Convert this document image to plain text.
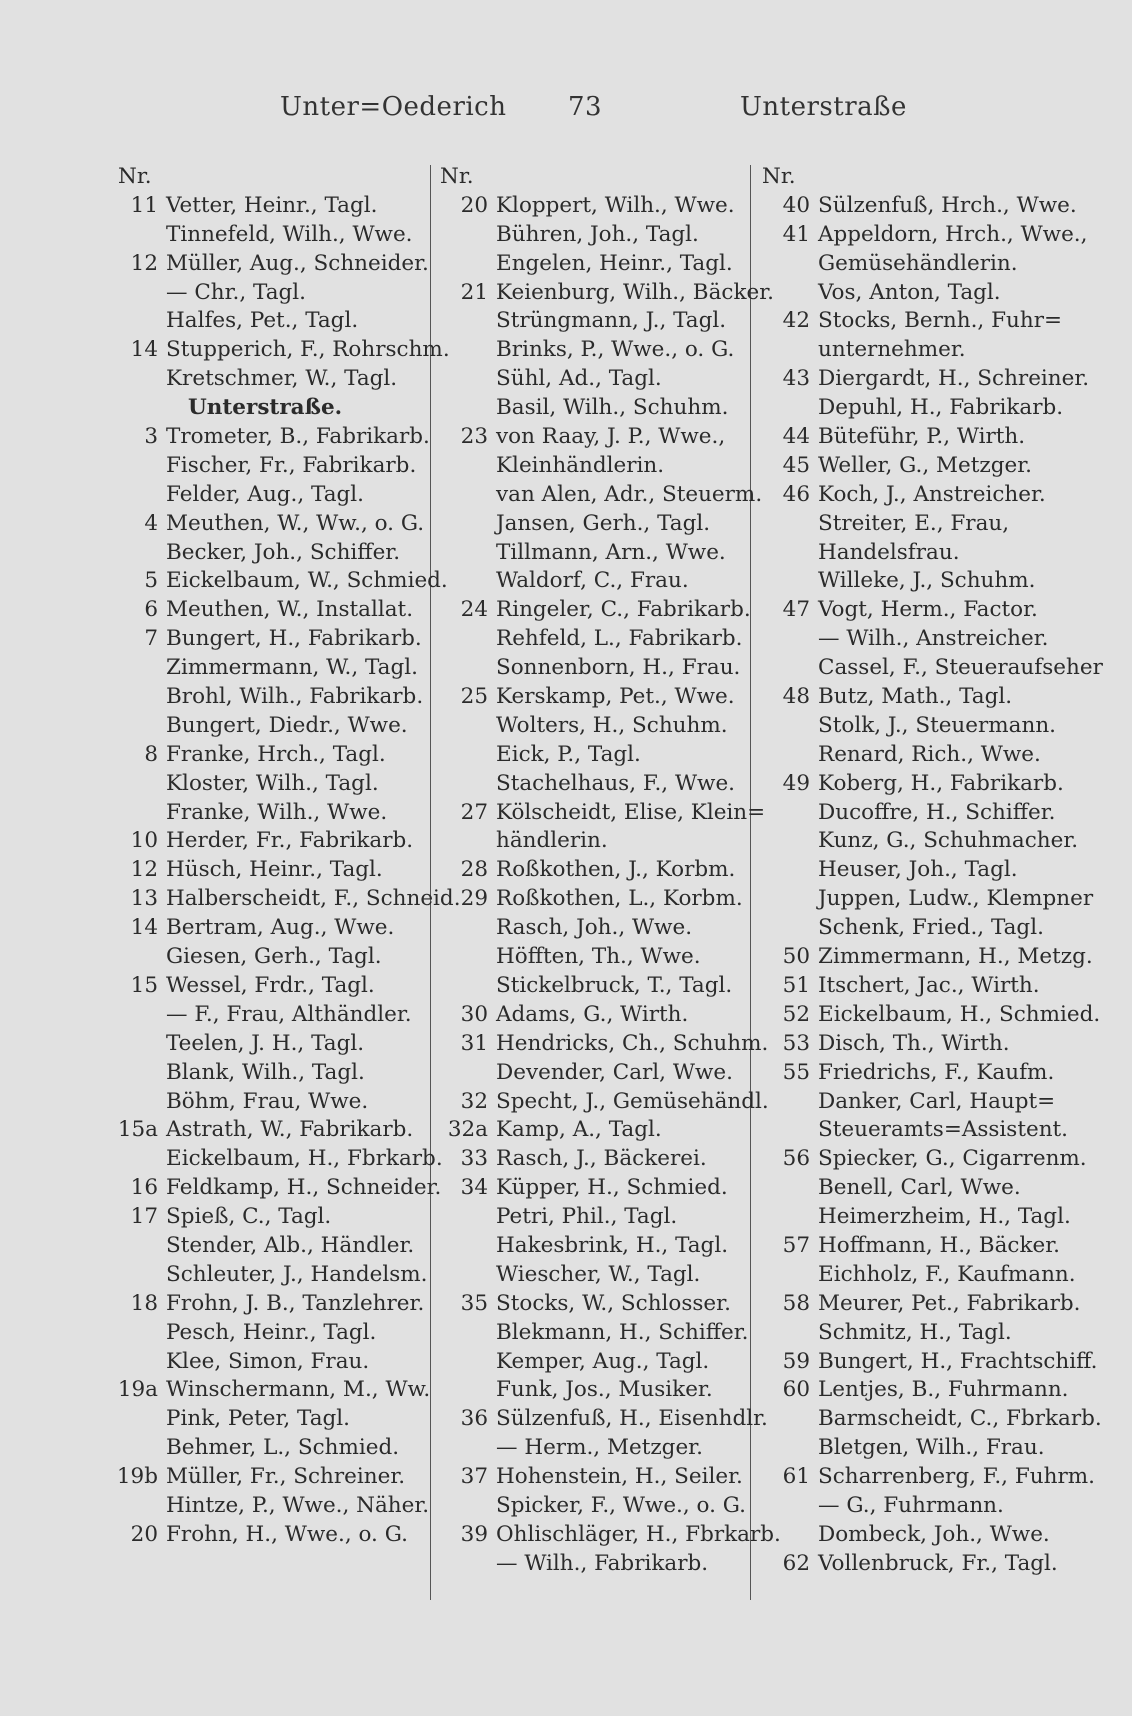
Unter=Oederich 73	Unterstraße
Nr.
11 Vetter, Heinr., Tagl.
Tinnefeld, Wilh., Wwe.
12 Müller, Aug., Schneider.
— Chr., Tagl.
Halfes, Pet., Tagl.
14 Stupperich, F., Rohrschm.
Kretschmer, W., Tagl.
Unterstraße.
3 Trometer, B., Fabrikarb.
Fischer, Fr., Fabrikarb.
Felder, Aug., Tagl.
4 Meuthen, W., Ww., o. G.
Becker, Joh., Schiffer.
5 Eickelbaum, W., Schmied.
6 Meuthen, W., Installat.
7 Bungert, H., Fabrikarb.
Zimmermann, W., Tagl.
Brohl, Wilh., Fabrikarb.
Bungert, Diedr., Wwe.
8 Franke, Hrch., Tagl.
Kloster, Wilh., Tagl.
Franke, Wilh., Wwe.
10 Herder, Fr., Fabrikarb.
12 Hüsch, Heinr., Tagl.
13 Halberscheidt, F., Schneid.
14 Bertram, Aug., Wwe.
Giesen, Gerh., Tagl.
15 Wessel, Frdr., Tagl.
— F., Frau, Althändler.
Teelen, J. H., Tagl.
Blank, Wilh., Tagl.
Böhm, Frau, Wwe.
15a Astrath, W., Fabrikarb.
Eickelbaum, H., Fbrkarb.
16 Feldkamp, H., Schneider.
17 Spieß, C., Tagl.
Stender, Alb., Händler.
Schleuter, J., Handelsm.
18 Frohn, J. B., Tanzlehrer.
Pesch, Heinr., Tagl.
Klee, Simon, Frau.
19a Winschermann, M., Ww.
Pink, Peter, Tagl.
Behmer, L., Schmied.
19b Müller, Fr., Schreiner.
Hintze, P., Wwe., Näher.
20 Frohn, H., Wwe., o. G.
Nr.
20 Kloppert, Wilh., Wwe.
Bühren, Joh., Tagl.
Engelen, Heinr., Tagl.
21 Keienburg, Wilh., Bäcker.
Strüngmann, J., Tagl.
Brinks, P., Wwe., o. G.
Sühl, Ad., Tagl.
Basil, Wilh., Schuhm.
23 von Raay, J. P., Wwe.,
Kleinhändlerin.
van Alen, Adr., Steuerm.
Jansen, Gerh., Tagl.
Tillmann, Arn., Wwe.
Waldorf, C., Frau.
24 Ringeler, C., Fabrikarb.
Rehfeld, L., Fabrikarb.
Sonnenborn, H., Frau.
25 Kerskamp, Pet., Wwe.
Wolters, H., Schuhm.
Eick, P., Tagl.
Stachelhaus, F., Wwe.
27 Kölscheidt, Elise, Klein=
händlerin.
28 Roßkothen, J., Korbm.
29 Roßkothen, L., Korbm.
Rasch, Joh., Wwe.
Höfften, Th., Wwe.
Stickelbruck, T., Tagl.
30 Adams, G., Wirth.
31 Hendricks, Ch., Schuhm.
Devender, Carl, Wwe.
32 Specht, J., Gemüsehändl.
32a Kamp, A., Tagl.
33 Rasch, J., Bäckerei.
34 Küpper, H., Schmied.
Petri, Phil., Tagl.
Hakesbrink, H., Tagl.
Wiescher, W., Tagl.
35 Stocks, W., Schlosser.
Blekmann, H., Schiffer.
Kemper, Aug., Tagl.
Funk, Jos., Musiker.
36 Sülzenfuß, H., Eisenhdlr.
— Herm., Metzger.
37 Hohenstein, H., Seiler.
Spicker, F., Wwe., o. G.
39 Ohlischläger, H., Fbrkarb.
— Wilh., Fabrikarb.
Nr.
40 Sülzenfuß, Hrch., Wwe.
41 Appeldorn, Hrch., Wwe.,
Gemüsehändlerin.
Vos, Anton, Tagl.
42 Stocks, Bernh., Fuhr=
unternehmer.
43 Diergardt, H., Schreiner.
Depuhl, H., Fabrikarb.
44 Büteführ, P., Wirth.
45 Weller, G., Metzger.
46 Koch, J., Anstreicher.
Streiter, E., Frau,
Handelsfrau.
Willeke, J., Schuhm.
47 Vogt, Herm., Factor.
— Wilh., Anstreicher.
Cassel, F., Steueraufseher
48 Butz, Math., Tagl.
Stolk, J., Steuermann.
Renard, Rich., Wwe.
49 Koberg, H., Fabrikarb.
Ducoffre, H., Schiffer.
Kunz, G., Schuhmacher.
Heuser, Joh., Tagl.
Juppen, Ludw., Klempner
Schenk, Fried., Tagl.
50 Zimmermann, H., Metzg.
51 Itschert, Jac., Wirth.
52 Eickelbaum, H., Schmied.
53 Disch, Th., Wirth.
55 Friedrichs, F., Kaufm.
Danker, Carl, Haupt=
Steueramts=Assistent.
56 Spiecker, G., Cigarrenm.
Benell, Carl, Wwe.
Heimerzheim, H., Tagl.
57 Hoffmann, H., Bäcker.
Eichholz, F., Kaufmann.
58 Meurer, Pet., Fabrikarb.
Schmitz, H., Tagl.
59 Bungert, H., Frachtschiff.
60 Lentjes, B., Fuhrmann.
Barmscheidt, C., Fbrkarb.
Bletgen, Wilh., Frau.
61 Scharrenberg, F., Fuhrm.
— G., Fuhrmann.
Dombeck, Joh., Wwe.
62 Vollenbruck, Fr., Tagl.
